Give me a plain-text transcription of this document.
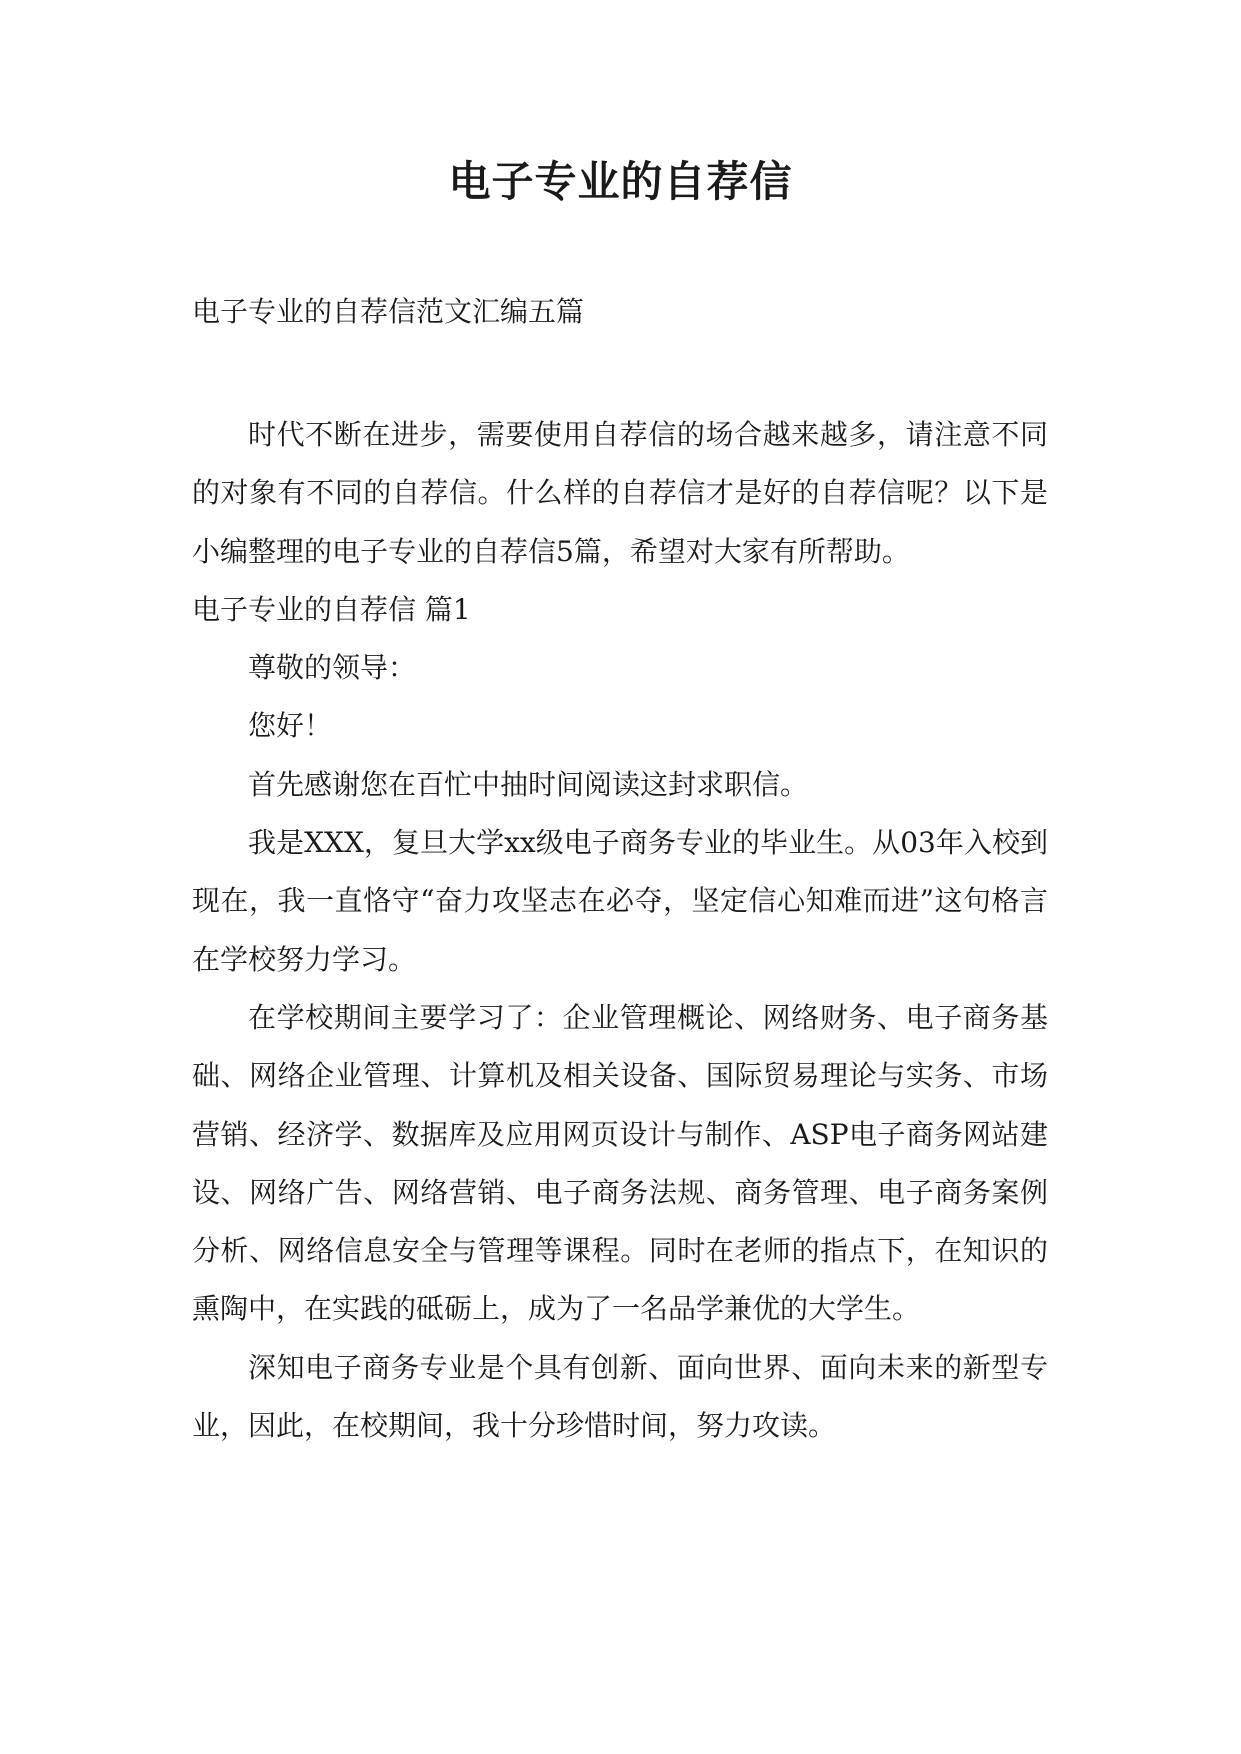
电子专业的自荐信
电子专业的自荐信范文汇编五篇

时代不断在进步，需要使用自荐信的场合越来越多，请注意不同的对象有不同的自荐信。什么样的自荐信才是好的自荐信呢？以下是小编整理的电子专业的自荐信5篇，希望对大家有所帮助。

电子专业的自荐信 篇1

尊敬的领导：

您好！

首先感谢您在百忙中抽时间阅读这封求职信。

我是XXX，复旦大学xx级电子商务专业的毕业生。从03年入校到现在，我一直恪守“奋力攻坚志在必夺，坚定信心知难而进”这句格言在学校努力学习。

在学校期间主要学习了：企业管理概论、网络财务、电子商务基础、网络企业管理、计算机及相关设备、国际贸易理论与实务、市场营销、经济学、数据库及应用网页设计与制作、ASP电子商务网站建设、网络广告、网络营销、电子商务法规、商务管理、电子商务案例分析、网络信息安全与管理等课程。同时在老师的指点下，在知识的熏陶中，在实践的砥砺上，成为了一名品学兼优的大学生。

深知电子商务专业是个具有创新、面向世界、面向未来的新型专业，因此，在校期间，我十分珍惜时间，努力攻读。
